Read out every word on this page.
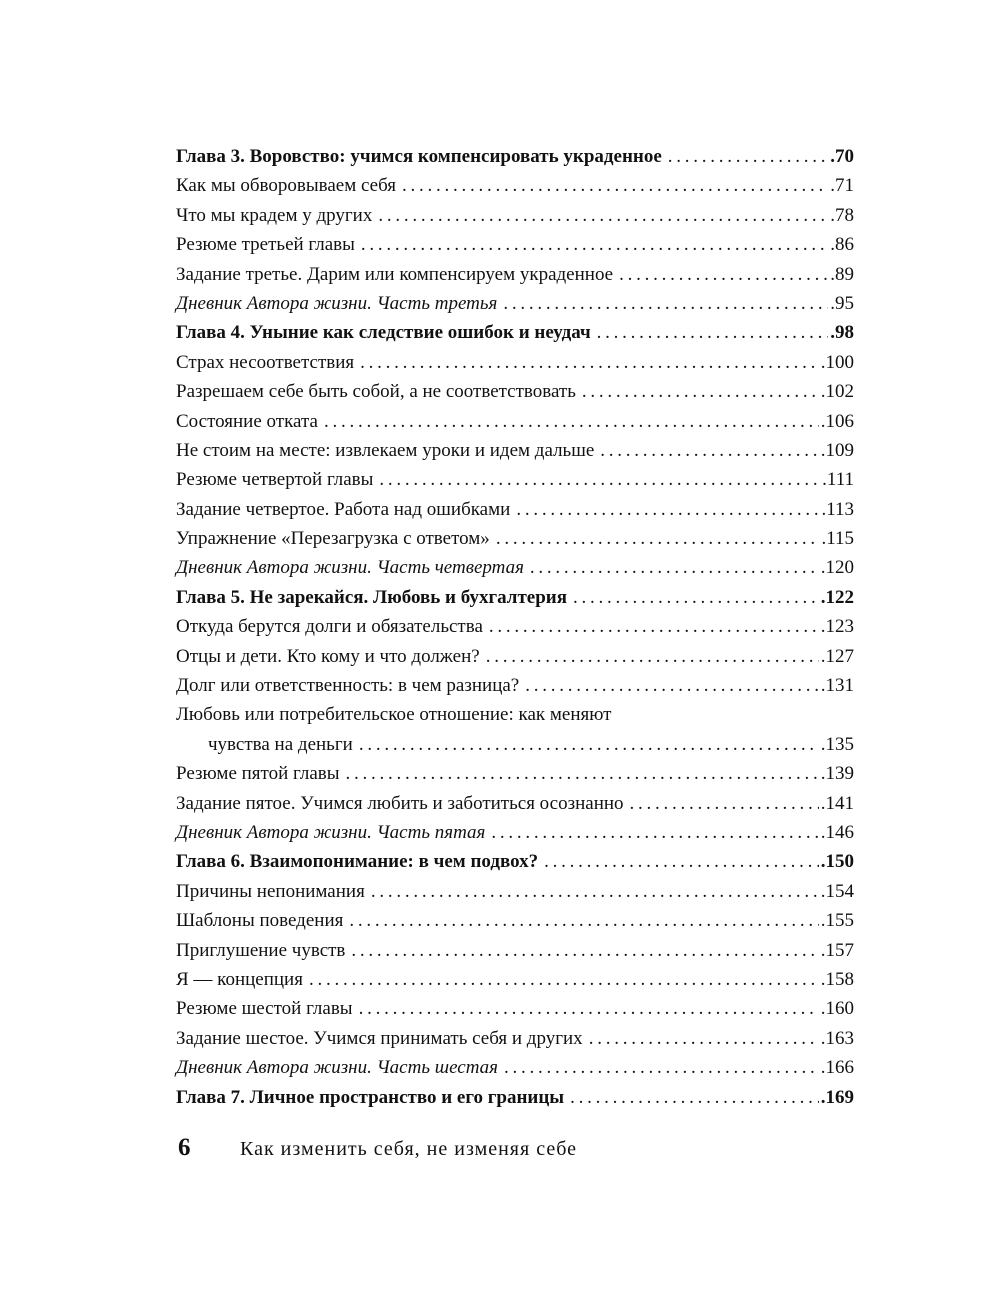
Глава 3. Воровство: учимся компенсировать украденное . . .	.70
Как мы обворовываем себя . . .	.71
Что мы крадем у других . . .	.78
Резюме третьей главы . . .	.86
Задание третье. Дарим или компенсируем украденное . . .	.89
Дневник Автора жизни. Часть третья . . .	.95
Глава 4. Уныние как следствие ошибок и неудач . . .	.98
Страх несоответствия . . .	.100
Разрешаем себе быть собой, а не соответствовать . . .	.102
Состояние отката . . .	.106
Не стоим на месте: извлекаем уроки и идем дальше . . .	.109
Резюме четвертой главы . . .	.111
Задание четвертое. Работа над ошибками . . .	.113
Упражнение «Перезагрузка с ответом» . . .	.115
Дневник Автора жизни. Часть четвертая . . .	.120
Глава 5. Не зарекайся. Любовь и бухгалтерия . . .	.122
Откуда берутся долги и обязательства . . .	.123
Отцы и дети. Кто кому и что должен? . . .	.127
Долг или ответственность: в чем разница? . . .	.131
Любовь или потребительское отношение: как меняют
чувства на деньги . . .	.135
Резюме пятой главы . . .	.139
Задание пятое. Учимся любить и заботиться осознанно . . .	.141
Дневник Автора жизни. Часть пятая . . .	.146
Глава 6. Взаимопонимание: в чем подвох? . . .	.150
Причины непонимания . . .	.154
Шаблоны поведения . . .	.155
Приглушение чувств . . .	.157
Я — концепция . . .	.158
Резюме шестой главы . . .	.160
Задание шестое. Учимся принимать себя и других . . .	.163
Дневник Автора жизни. Часть шестая . . .	.166
Глава 7. Личное пространство и его границы . . .	.169
6 Как изменить себя, не изменяя себе
